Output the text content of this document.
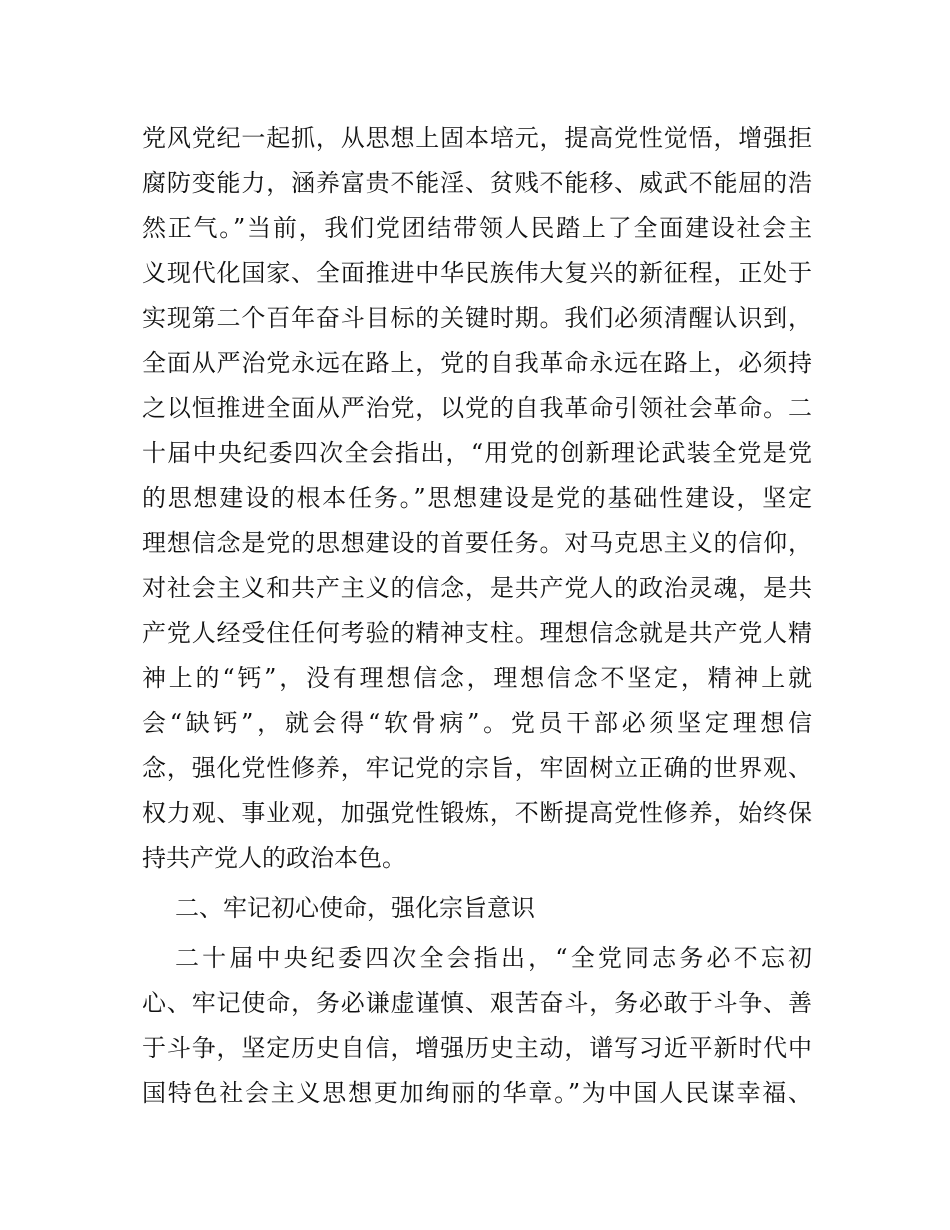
党风党纪一起抓，从思想上固本培元，提高党性觉悟，增强拒
腐防变能力，涵养富贵不能淫、贫贱不能移、威武不能屈的浩
然正气。”当前，我们党团结带领人民踏上了全面建设社会主
义现代化国家、全面推进中华民族伟大复兴的新征程，正处于
实现第二个百年奋斗目标的关键时期。我们必须清醒认识到，
全面从严治党永远在路上，党的自我革命永远在路上，必须持
之以恒推进全面从严治党，以党的自我革命引领社会革命。二
十届中央纪委四次全会指出，“用党的创新理论武装全党是党
的思想建设的根本任务。”思想建设是党的基础性建设，坚定
理想信念是党的思想建设的首要任务。对马克思主义的信仰，
对社会主义和共产主义的信念，是共产党人的政治灵魂，是共
产党人经受住任何考验的精神支柱。理想信念就是共产党人精
神上的“钙”，没有理想信念，理想信念不坚定，精神上就
会“缺钙”，就会得“软骨病”。党员干部必须坚定理想信
念，强化党性修养，牢记党的宗旨，牢固树立正确的世界观、
权力观、事业观，加强党性锻炼，不断提高党性修养，始终保
持共产党人的政治本色。
二、牢记初心使命，强化宗旨意识
二十届中央纪委四次全会指出，“全党同志务必不忘初
心、牢记使命，务必谦虚谨慎、艰苦奋斗，务必敢于斗争、善
于斗争，坚定历史自信，增强历史主动，谱写习近平新时代中
国特色社会主义思想更加绚丽的华章。”为中国人民谋幸福、
